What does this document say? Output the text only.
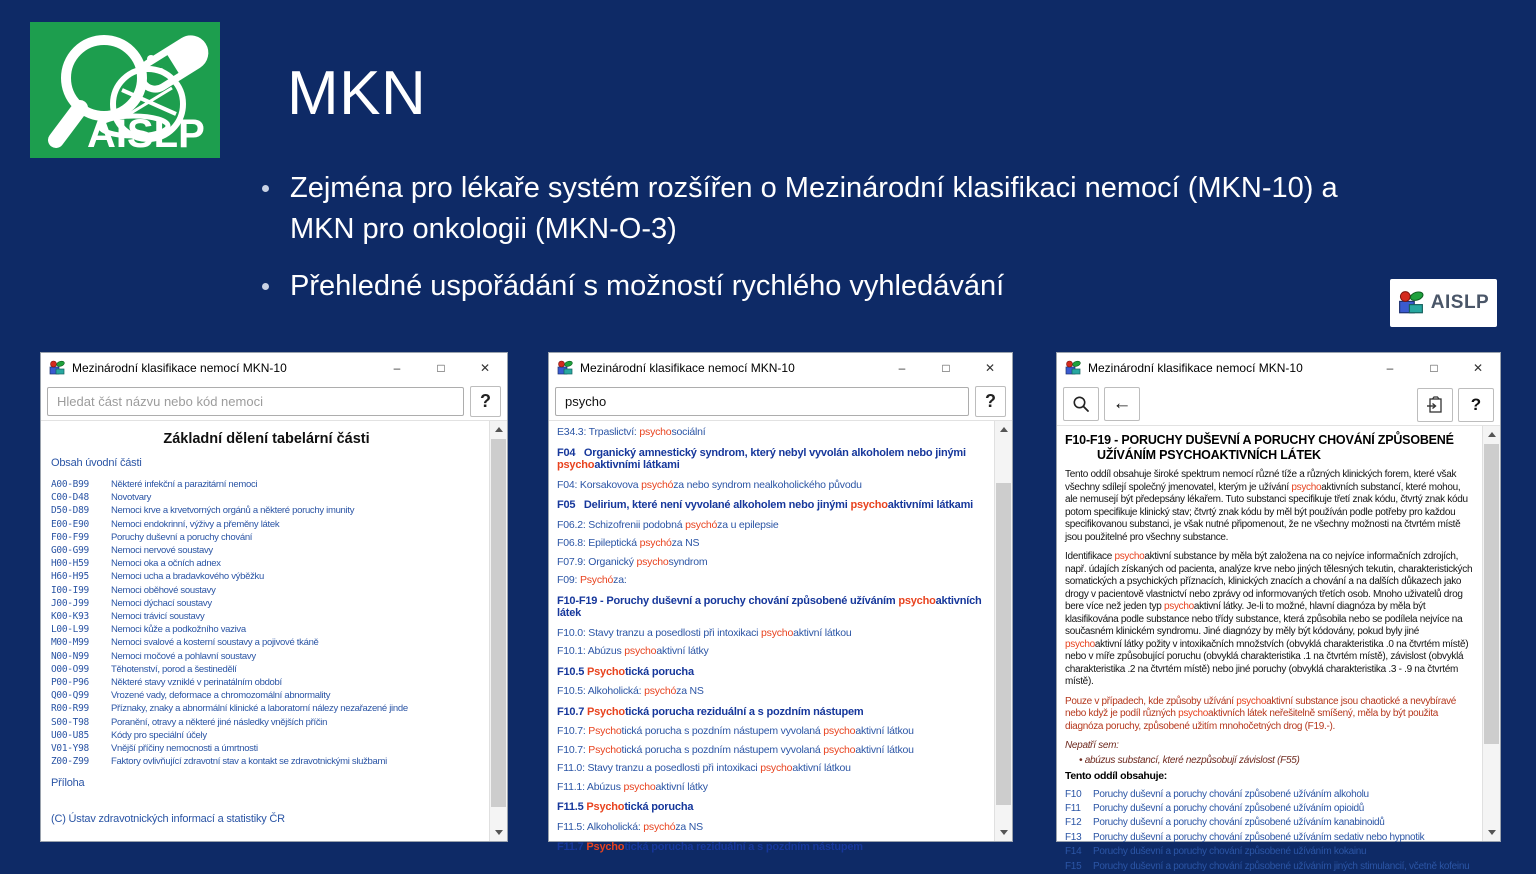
AISLP
MKN
Zejména pro lékaře systém rozšířen o Mezinárodní klasifikaci nemocí (MKN-10) a  MKN pro onkologii (MKN-O-3)
Přehledné uspořádání s možností rychlého vyhledávání
AISLP
Mezinárodní klasifikace nemocí MKN-10	–	□	✕
Hledat část názvu nebo kód nemoci
?
Základní dělení tabelární části
Obsah úvodní části
A00-B99	Některé infekční a parazitární nemoci
C00-D48	Novotvary
D50-D89	Nemoci krve a krvetvorných orgánů a některé poruchy imunity
E00-E90	Nemoci endokrinní, výživy a přeměny látek
F00-F99	Poruchy duševní a poruchy chování
G00-G99	Nemoci nervové soustavy
H00-H59	Nemoci oka a očních adnex
H60-H95	Nemoci ucha a bradavkového výběžku
I00-I99	Nemoci oběhové soustavy
J00-J99	Nemoci dýchací soustavy
K00-K93	Nemoci trávicí soustavy
L00-L99	Nemoci kůže a podkožního vaziva
M00-M99	Nemoci svalové a kosterní soustavy a pojivové tkáně
N00-N99	Nemoci močové a pohlavní soustavy
O00-O99	Těhotenství, porod a šestinedělí
P00-P96	Některé stavy vzniklé v perinatálním období
Q00-Q99	Vrozené vady, deformace a chromozomální abnormality
R00-R99	Příznaky, znaky a abnormální klinické a laboratorní nálezy nezařazené jinde
S00-T98	Poranění, otravy a některé jiné následky vnějších příčin
U00-U85	Kódy pro speciální účely
V01-Y98	Vnější příčiny nemocnosti a úmrtnosti
Z00-Z99	Faktory ovlivňující zdravotní stav a kontakt se zdravotnickými službami
Příloha
(C) Ústav zdravotnických informací a statistiky ČR
Mezinárodní klasifikace nemocí MKN-10	–	□	✕
psycho
?
E34.3: Trpaslictví: psychosociální
F04   Organický amnestický syndrom, který nebyl vyvolán alkoholem nebo jinými psychoaktivními látkami
F04: Korsakovova psychóza nebo syndrom nealkoholického původu
F05   Delirium, které není vyvolané alkoholem nebo jinými psychoaktivními látkami
F06.2: Schizofrenii podobná psychóza u epilepsie
F06.8: Epileptická psychóza NS
F07.9: Organický psychosyndrom
F09: Psychóza:
F10-F19 - Poruchy duševní a poruchy chování způsobené užíváním psychoaktivních látek
F10.0: Stavy tranzu a posedlosti při intoxikaci psychoaktivní látkou
F10.1: Abúzus psychoaktivní látky
F10.5 Psychotická porucha
F10.5: Alkoholická: psychóza NS
F10.7 Psychotická porucha reziduální a s pozdním nástupem
F10.7: Psychotická porucha s pozdním nástupem vyvolaná psychoaktivní látkou
F10.7: Psychotická porucha s pozdním nástupem vyvolaná psychoaktivní látkou
F11.0: Stavy tranzu a posedlosti při intoxikaci psychoaktivní látkou
F11.1: Abúzus psychoaktivní látky
F11.5 Psychotická porucha
F11.5: Alkoholická: psychóza NS
F11.7 Psychotická porucha reziduální a s pozdním nástupem
Mezinárodní klasifikace nemocí MKN-10	–	□	✕
←	?
F10-F19 - PORUCHY DUŠEVNÍ A PORUCHY CHOVÁNÍ ZPŮSOBENÉ UŽÍVÁNÍM PSYCHOAKTIVNÍCH LÁTEK
Tento oddíl obsahuje široké spektrum nemocí různé tíže a různých klinických forem, které však všechny sdílejí společný jmenovatel, kterým je užívání psychoaktivních substancí, které mohou, ale nemusejí být předepsány lékařem. Tuto substanci specifikuje třetí znak kódu, čtvrtý znak kódu potom specifikuje klinický stav; čtvrtý znak kódu by měl být používán podle potřeby pro každou specifikovanou substanci, je však nutné připomenout, že ne všechny možnosti na čtvrtém místě jsou použitelné pro všechny substance.
Identifikace psychoaktivní substance by měla být založena na co nejvíce informačních zdrojích, např. údajích získaných od pacienta, analýze krve nebo jiných tělesných tekutin, charakteristických somatických a psychických příznacích, klinických znacích a chování a na dalších důkazech jako drogy v pacientově vlastnictví nebo zprávy od informovaných třetích osob. Mnoho uživatelů drog bere více než jeden typ psychoaktivní látky. Je-li to možné, hlavní diagnóza by měla být klasifikována podle substance nebo třídy substance, která způsobila nebo se podílela nejvíce na současném klinickém syndromu. Jiné diagnózy by měly být kódovány, pokud byly jiné psychoaktivní látky požity v intoxikačních množstvích (obvyklá charakteristika .0 na čtvrtém místě) nebo v míře způsobující poruchu (obvyklá charakteristika .1 na čtvrtém místě), závislost (obvyklá charakteristika .2 na čtvrtém místě) nebo jiné poruchy (obvyklá charakteristika .3 - .9 na čtvrtém místě).
Pouze v případech, kde způsoby užívání psychoaktivní substance jsou chaotické a nevybíravé nebo když je podíl různých psychoaktivních látek neřešitelně smíšený, měla by být použita diagnóza poruchy, způsobené užitím mnohočetných drog (F19.-).
Nepatří sem:
• abúzus substancí, které nezpůsobují závislost (F55)
Tento oddíl obsahuje:
F10	Poruchy duševní a poruchy chování způsobené užíváním alkoholu
F11	Poruchy duševní a poruchy chování způsobené užíváním opioidů
F12	Poruchy duševní a poruchy chování způsobené užíváním kanabinoidů
F13	Poruchy duševní a poruchy chování způsobené užíváním sedativ nebo hypnotik
F14	Poruchy duševní a poruchy chování způsobené užíváním kokainu
F15	Poruchy duševní a poruchy chování způsobené užíváním jiných stimulancií, včetně kofeinu
